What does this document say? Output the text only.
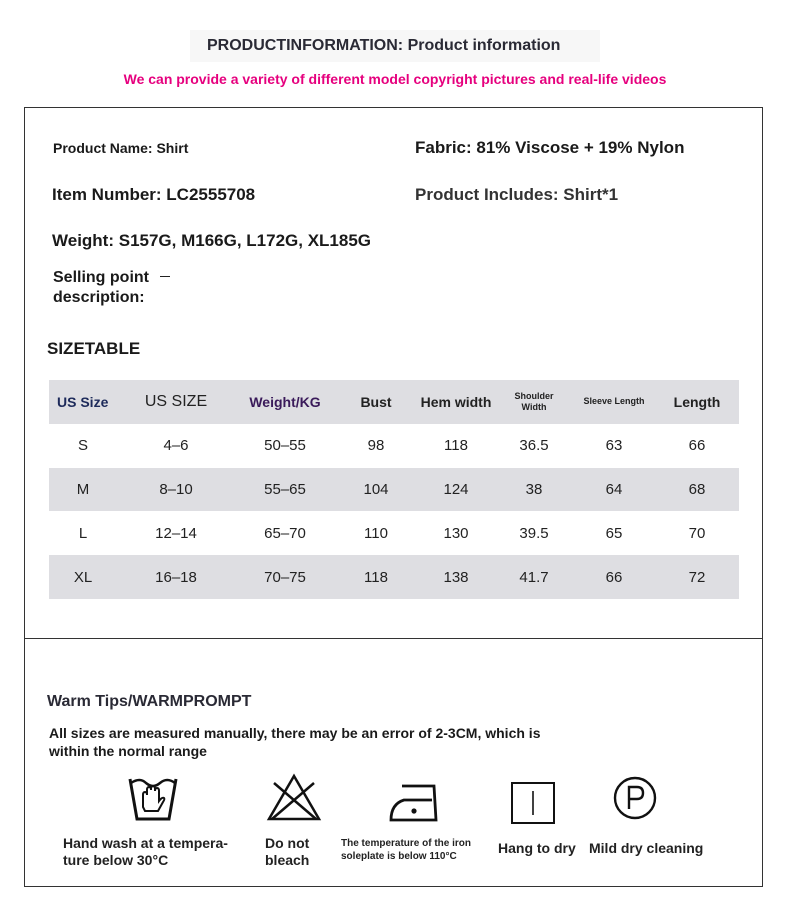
PRODUCTINFORMATION: Product information
We can provide a variety of different model copyright pictures and real-life videos
Product Name: Shirt	Fabric: 81% Viscose + 19% Nylon
Item Number: LC2555708	Product Includes: Shirt*1
Weight: S157G, M166G, L172G, XL185G
Selling point
description:
SIZETABLE
US Size	US SIZE	Weight/KG	Bust	Hem width	Shoulder Width	Sleeve Length	Length
S	4–6	50–55	98	118	36.5	63	66
M	8–10	55–65	104	124	38	64	68
L	12–14	65–70	110	130	39.5	65	70
XL	16–18	70–75	118	138	41.7	66	72
Warm Tips/WARMPROMPT
All sizes are measured manually, there may be an error of 2-3CM, which is within the normal range
Hand wash at a tempera-
ture below 30°C
Do not
bleach
The temperature of the iron
soleplate is below 110°C
Hang to dry Mild dry cleaning
